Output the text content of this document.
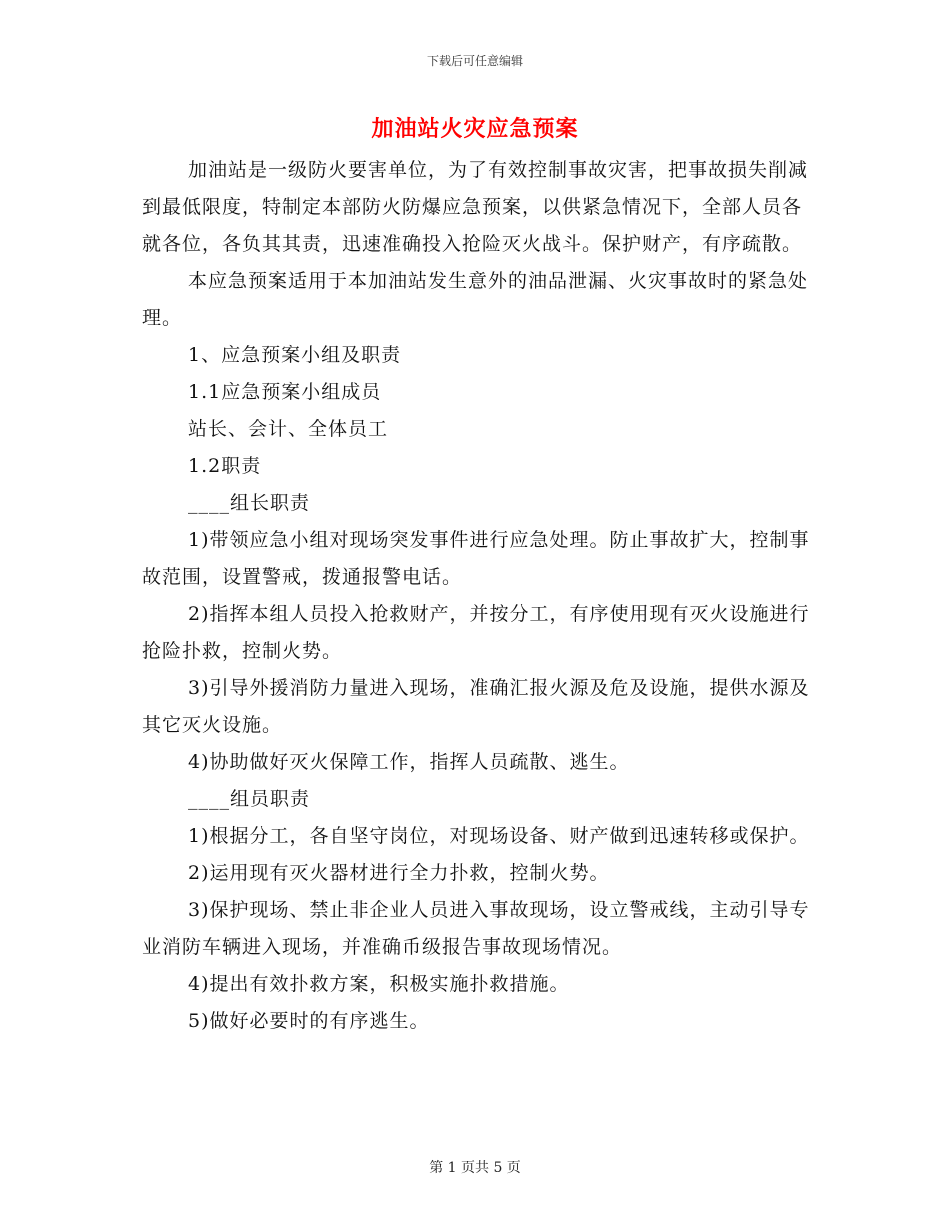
下载后可任意编辑
加油站火灾应急预案

加油站是一级防火要害单位，为了有效控制事故灾害，把事故损失削减到最低限度，特制定本部防火防爆应急预案，以供紧急情况下，全部人员各就各位，各负其其责，迅速准确投入抢险灭火战斗。保护财产，有序疏散。

本应急预案适用于本加油站发生意外的油品泄漏、火灾事故时的紧急处理。

1、应急预案小组及职责

1.1应急预案小组成员

站长、会计、全体员工

1.2职责

____组长职责

1)带领应急小组对现场突发事件进行应急处理。防止事故扩大，控制事故范围，设置警戒，拨通报警电话。

2)指挥本组人员投入抢救财产，并按分工，有序使用现有灭火设施进行抢险扑救，控制火势。

3)引导外援消防力量进入现场，准确汇报火源及危及设施，提供水源及其它灭火设施。

4)协助做好灭火保障工作，指挥人员疏散、逃生。

____组员职责

1)根据分工，各自坚守岗位，对现场设备、财产做到迅速转移或保护。

2)运用现有灭火器材进行全力扑救，控制火势。

3)保护现场、禁止非企业人员进入事故现场，设立警戒线，主动引导专业消防车辆进入现场，并准确币级报告事故现场情况。

4)提出有效扑救方案，积极实施扑救措施。

5)做好必要时的有序逃生。

第 1 页共 5 页
